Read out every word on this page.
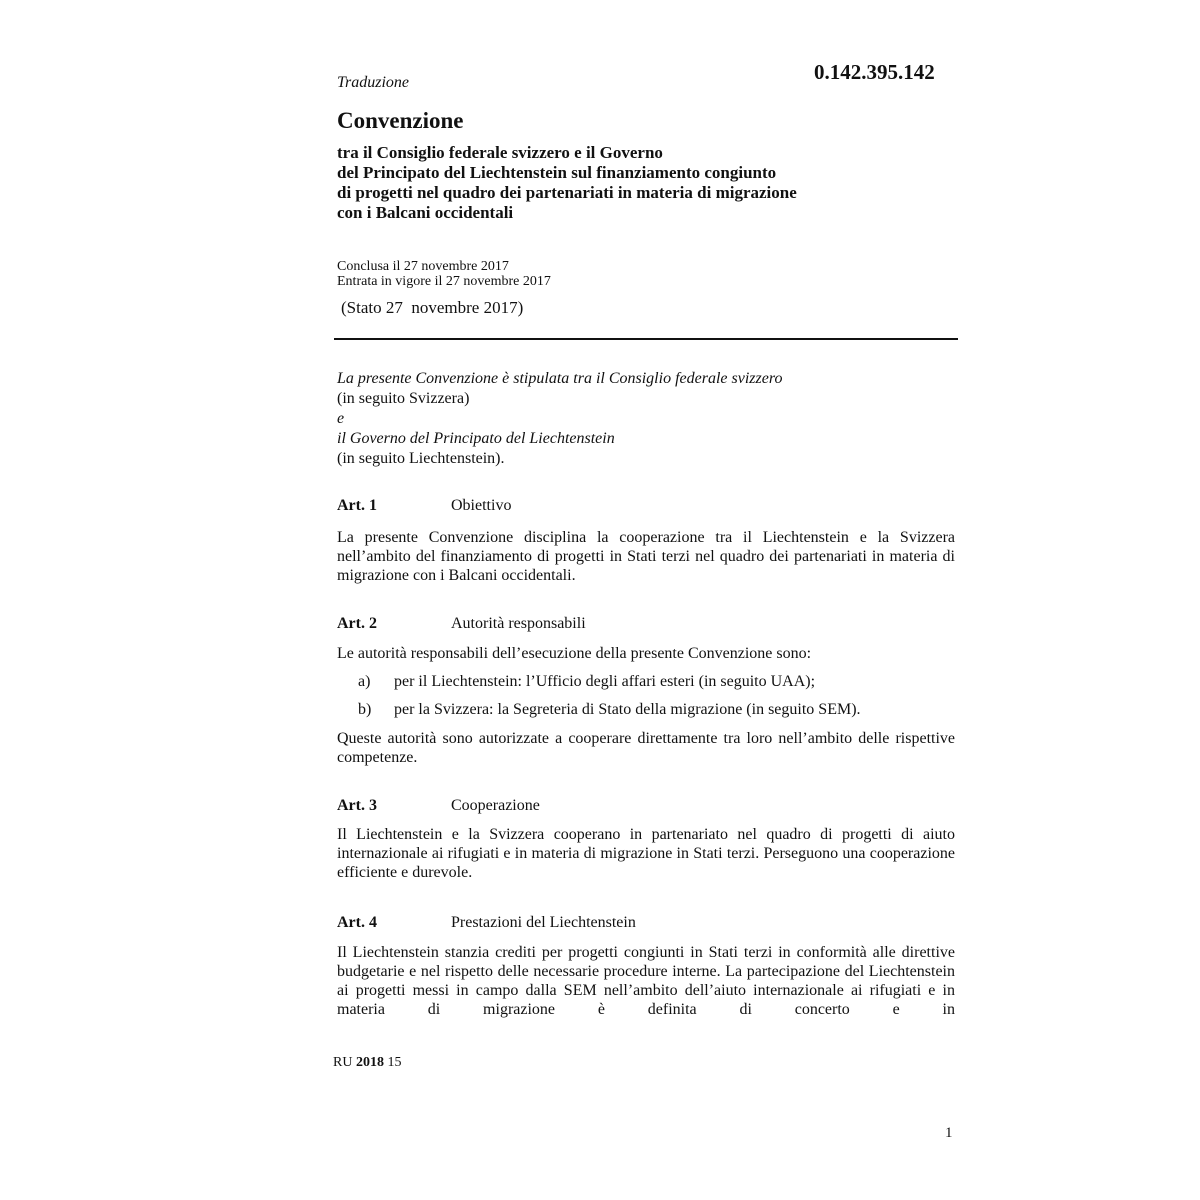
0.142.395.142
Traduzione
Convenzione
tra il Consiglio federale svizzero e il Governo
del Principato del Liechtenstein sul finanziamento congiunto
di progetti nel quadro dei partenariati in materia di migrazione
con i Balcani occidentali
Conclusa il 27 novembre 2017
Entrata in vigore il 27 novembre 2017
(Stato 27  novembre 2017)
La presente Convenzione è stipulata tra il Consiglio federale svizzero
(in seguito Svizzera)
e
il Governo del Principato del Liechtenstein
(in seguito Liechtenstein).
Art. 1	Obiettivo

La presente Convenzione disciplina la cooperazione tra il Liechtenstein e la Svizzera nell’ambito del finanziamento di progetti in Stati terzi nel quadro dei partenariati in materia di migrazione con i Balcani occidentali.

Art. 2	Autorità responsabili

Le autorità responsabili dell’esecuzione della presente Convenzione sono:

a) per il Liechtenstein: l’Ufficio degli affari esteri (in seguito UAA);
b) per la Svizzera: la Segreteria di Stato della migrazione (in seguito SEM).

Queste autorità sono autorizzate a cooperare direttamente tra loro nell’ambito delle rispettive competenze.

Art. 3	Cooperazione

Il Liechtenstein e la Svizzera cooperano in partenariato nel quadro di progetti di aiuto internazionale ai rifugiati e in materia di migrazione in Stati terzi. Perseguono una cooperazione efficiente e durevole.

Art. 4	Prestazioni del Liechtenstein

Il Liechtenstein stanzia crediti per progetti congiunti in Stati terzi in conformità alle direttive budgetarie e nel rispetto delle necessarie procedure interne. La partecipazione del Liechtenstein ai progetti messi in campo dalla SEM nell’ambito dell’aiuto internazionale ai rifugiati e in materia di migrazione è definita di concerto e in

RU 2018 15
1
